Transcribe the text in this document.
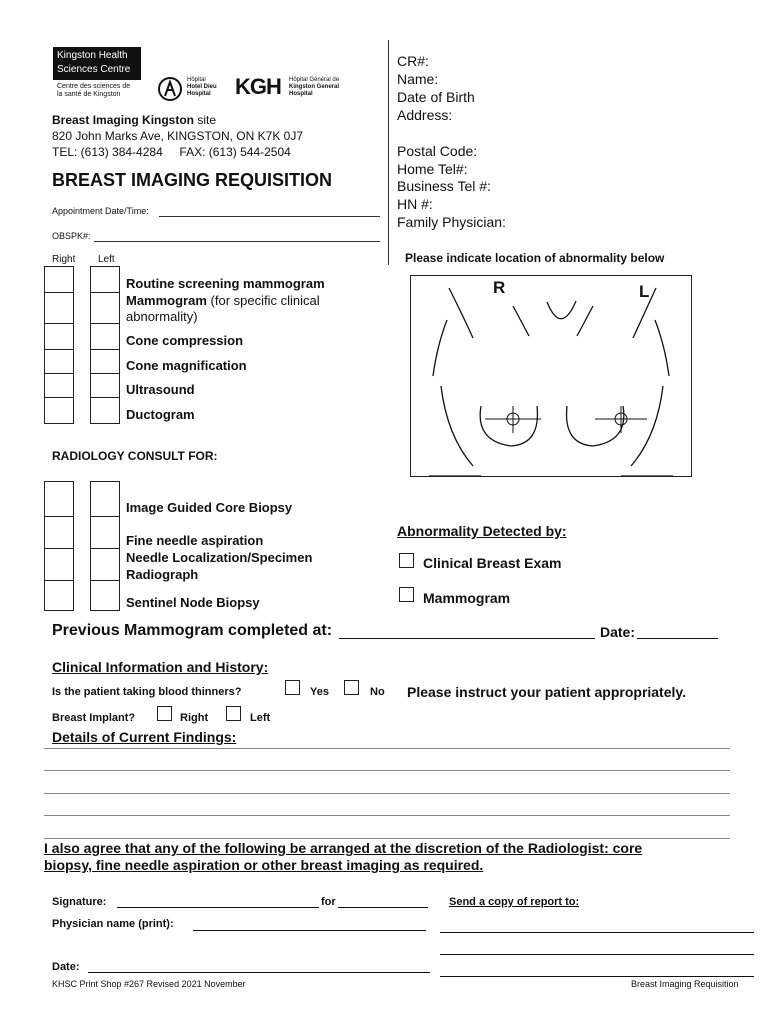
Kingston Health
Sciences Centre
Centre des sciences de
la santé de Kingston
Hôpital
Hotel Dieu
Hospital KGH Hôpital Général de
Kingston General
Hospital
Breast Imaging Kingston site
820 John Marks Ave, KINGSTON, ON K7K 0J7
TEL: (613) 384-4284     FAX: (613) 544-2504
BREAST IMAGING REQUISITION
Appointment Date/Time:
OBSPK#:
Right Left
Routine screening mammogram
Mammogram (for specific clinical
abnormality)
Cone compression
Cone magnification
Ultrasound
Ductogram
CR#:
Name:
Date of Birth
Address:
Postal Code:
Home Tel#:
Business Tel #:
HN #:
Family Physician:
Please indicate location of abnormality below
R	L
RADIOLOGY CONSULT FOR:
Image Guided Core Biopsy
Fine needle aspiration
Needle Localization/Specimen
Radiograph
Sentinel Node Biopsy
Abnormality Detected by:
Clinical Breast Exam
Mammogram
Previous Mammogram completed at:	Date:
Clinical Information and History:
Is the patient taking blood thinners?	Yes	No Please instruct your patient appropriately.
Breast Implant?	Right	Left
Details of Current Findings:
I also agree that any of the following be arranged at the discretion of the Radiologist: core
biopsy, fine needle aspiration or other breast imaging as required.
Signature:	for	Send a copy of report to:
Physician name (print):
Date:
KHSC Print Shop #267 Revised 2021 November	Breast Imaging Requisition
